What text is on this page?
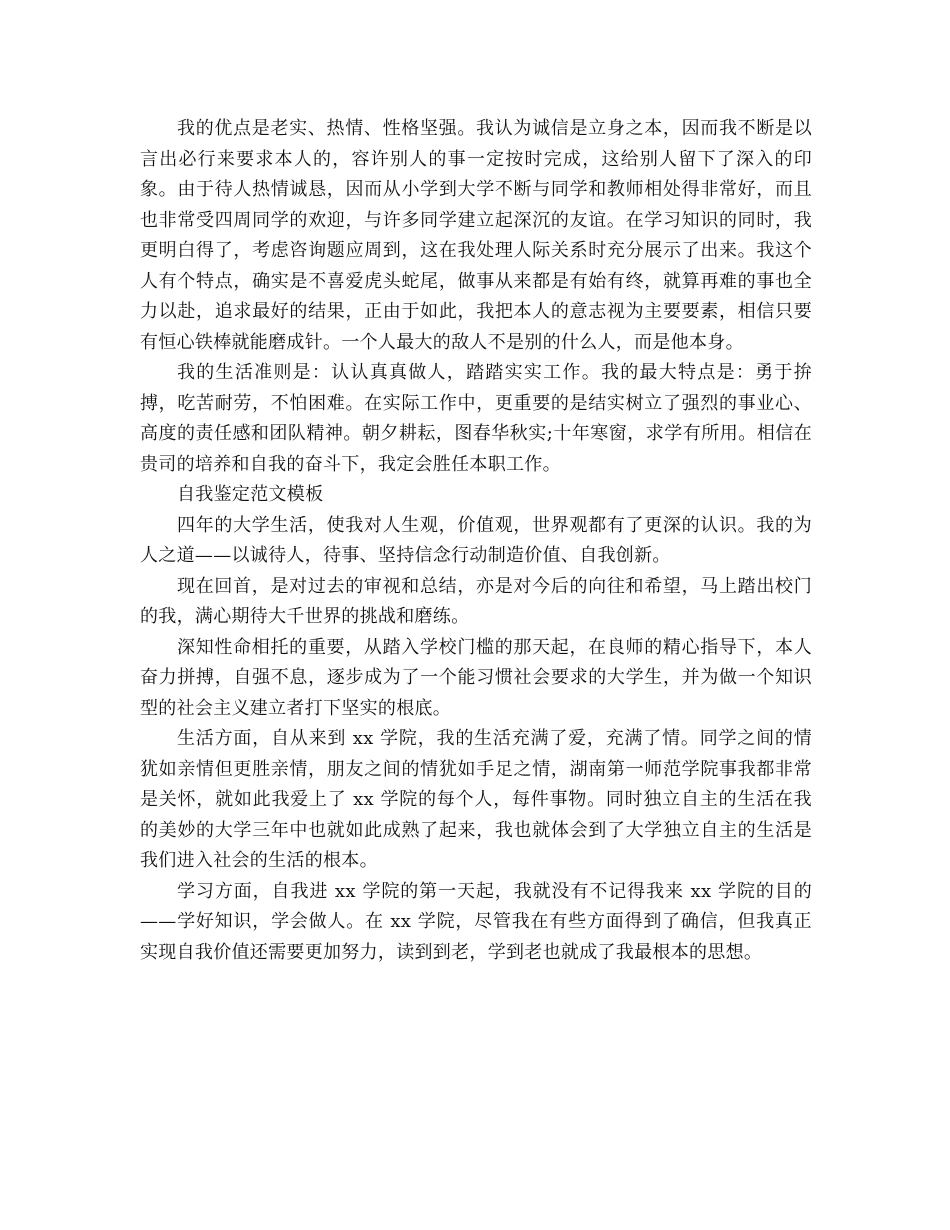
我的优点是老实、热情、性格坚强。我认为诚信是立身之本，因而我不断是以言出必行来要求本人的，容许别人的事一定按时完成，这给别人留下了深入的印象。由于待人热情诚恳，因而从小学到大学不断与同学和教师相处得非常好，而且也非常受四周同学的欢迎，与许多同学建立起深沉的友谊。在学习知识的同时，我更明白得了，考虑咨询题应周到，这在我处理人际关系时充分展示了出来。我这个人有个特点，确实是不喜爱虎头蛇尾，做事从来都是有始有终，就算再难的事也全力以赴，追求最好的结果，正由于如此，我把本人的意志视为主要要素，相信只要有恒心铁棒就能磨成针。一个人最大的敌人不是别的什么人，而是他本身。

我的生活准则是：认认真真做人，踏踏实实工作。我的最大特点是：勇于拚搏，吃苦耐劳，不怕困难。在实际工作中，更重要的是结实树立了强烈的事业心、高度的责任感和团队精神。朝夕耕耘，图春华秋实;十年寒窗，求学有所用。相信在贵司的培养和自我的奋斗下，我定会胜任本职工作。

自我鉴定范文模板

四年的大学生活，使我对人生观，价值观，世界观都有了更深的认识。我的为人之道——以诚待人，待事、坚持信念行动制造价值、自我创新。

现在回首，是对过去的审视和总结，亦是对今后的向往和希望，马上踏出校门的我，满心期待大千世界的挑战和磨练。

深知性命相托的重要，从踏入学校门槛的那天起，在良师的精心指导下，本人奋力拼搏，自强不息，逐步成为了一个能习惯社会要求的大学生，并为做一个知识型的社会主义建立者打下坚实的根底。

生活方面，自从来到 xx 学院，我的生活充满了爱，充满了情。同学之间的情犹如亲情但更胜亲情，朋友之间的情犹如手足之情，湖南第一师范学院事我都非常是关怀，就如此我爱上了 xx 学院的每个人，每件事物。同时独立自主的生活在我的美妙的大学三年中也就如此成熟了起来，我也就体会到了大学独立自主的生活是我们进入社会的生活的根本。

学习方面，自我进 xx 学院的第一天起，我就没有不记得我来 xx 学院的目的——学好知识，学会做人。在 xx 学院，尽管我在有些方面得到了确信，但我真正实现自我价值还需要更加努力，读到到老，学到老也就成了我最根本的思想。
